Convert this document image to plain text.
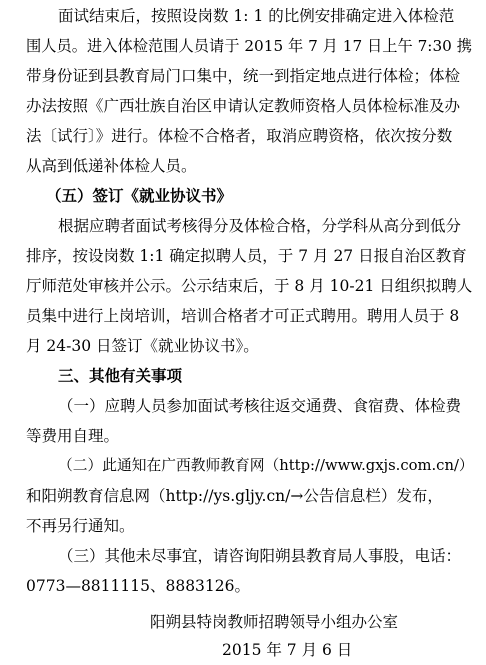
面试结束后，按照设岗数 1: 1 的比例安排确定进入体检范
围人员。进入体检范围人员请于 2015 年 7 月 17 日上午 7:30 携
带身份证到县教育局门口集中，统一到指定地点进行体检；体检
办法按照《广西壮族自治区申请认定教师资格人员体检标准及办
法〔试行〕》进行。体检不合格者，取消应聘资格，依次按分数
从高到低递补体检人员。
（五）签订《就业协议书》
根据应聘者面试考核得分及体检合格，分学科从高分到低分
排序，按设岗数 1:1 确定拟聘人员，于 7 月 27 日报自治区教育
厅师范处审核并公示。公示结束后，于 8 月 10-21 日组织拟聘人
员集中进行上岗培训，培训合格者才可正式聘用。聘用人员于 8
月 24-30 日签订《就业协议书》。
三、其他有关事项
（一）应聘人员参加面试考核往返交通费、食宿费、体检费
等费用自理。
（二）此通知在广西教师教育网（http://www.gxjs.com.cn/）
和阳朔教育信息网（http://ys.gljy.cn/→公告信息栏）发布，
不再另行通知。
（三）其他未尽事宜，请咨询阳朔县教育局人事股，电话：
0773—8811115、8883126。
阳朔县特岗教师招聘领导小组办公室
2015 年 7 月 6 日
